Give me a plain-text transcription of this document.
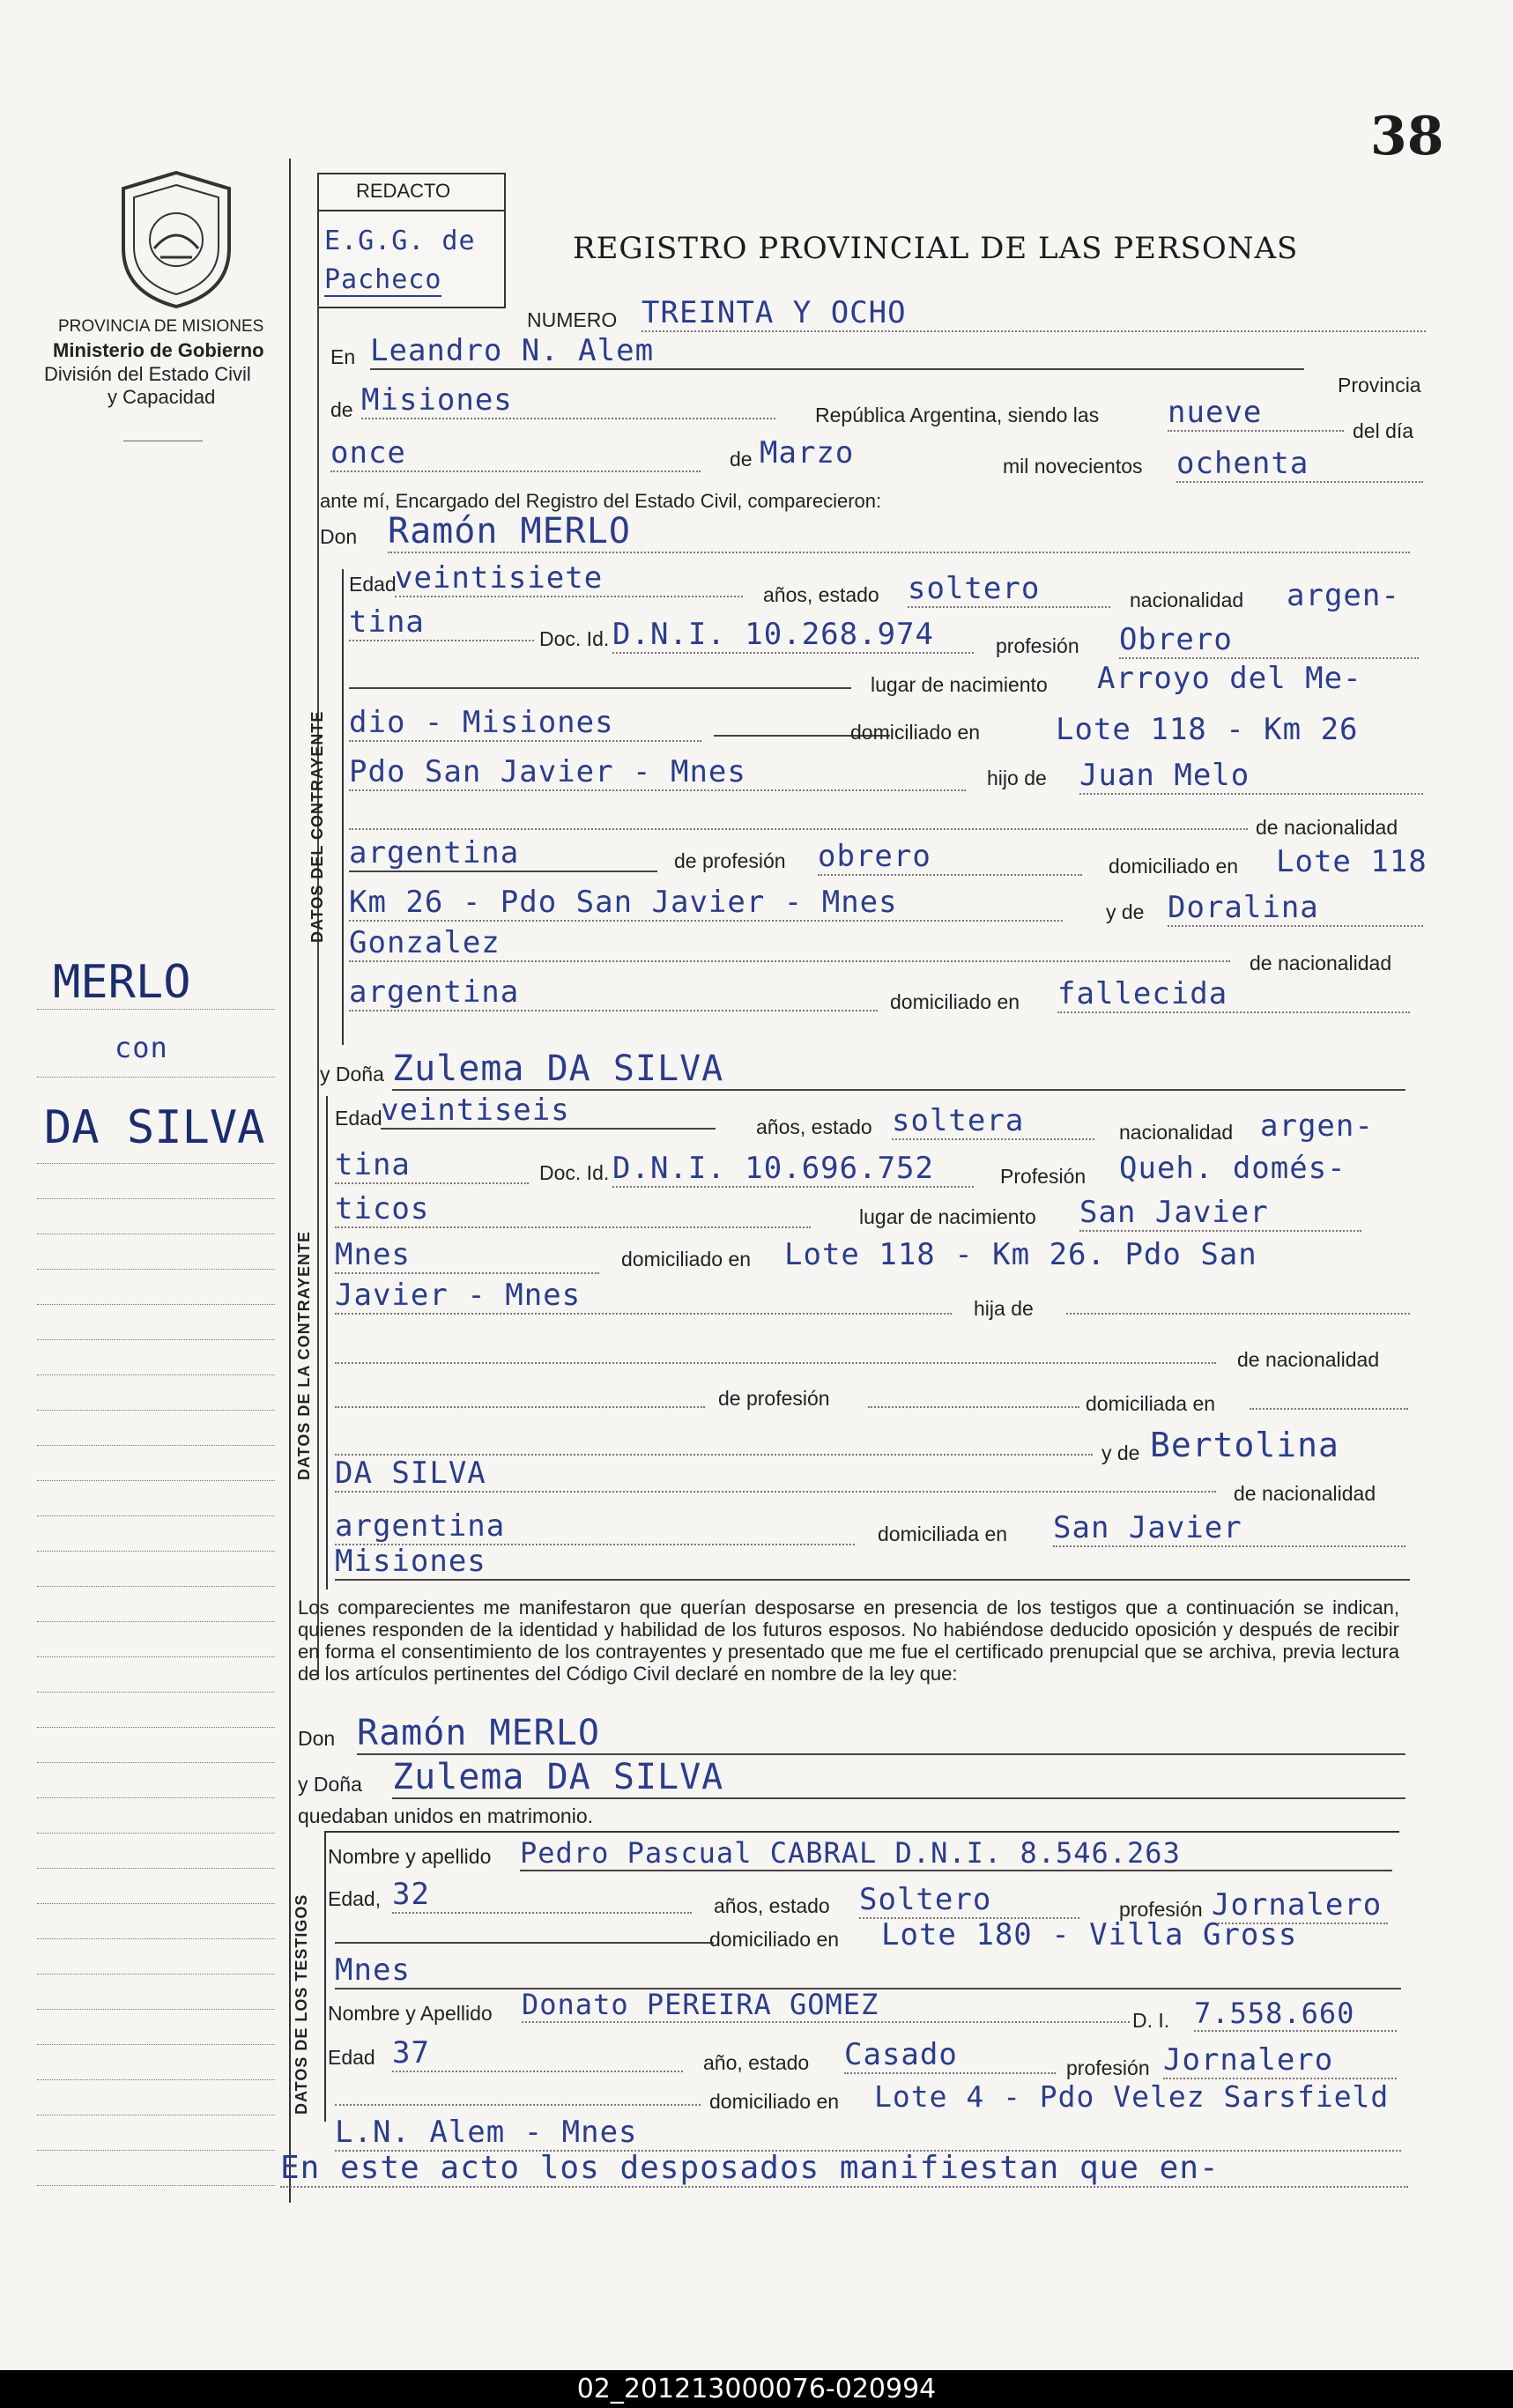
38
PROVINCIA DE MISIONES
Ministerio de Gobierno
División del Estado Civil
y Capacidad
REDACTO
E.G.G. de
Pacheco
REGISTRO PROVINCIAL DE LAS PERSONAS
MERLO
con
DA SILVA
NUMERO TREINTA Y OCHO
En Leandro N. Alem
Provincia
de Misiones	República Argentina, siendo las nueve
del día
once	de Marzo	mil novecientos ochenta
ante mí, Encargado del Registro del Estado Civil, comparecieron:
Don Ramón MERLO
DATOS DEL CONTRAYENTE
Edad
veintisiete	años, estado soltero	nacionalidad argen-
tina	Doc. Id. D.N.I. 10.268.974	profesión Obrero
lugar de nacimiento Arroyo del Me-
dio - Misiones	domiciliado en	Lote 118 - Km 26
Pdo San Javier - Mnes	hijo de Juan Melo
de nacionalidad
argentina	de profesión obrero	domiciliado en Lote 118
Km 26 - Pdo San Javier - Mnes	y de Doralina
Gonzalez
de nacionalidad
argentina	domiciliado en fallecida
y Doña Zulema DA SILVA
DATOS DE LA CONTRAYENTE
Edad
veintiseis	años, estado soltera	nacionalidad argen-
tina	Doc. Id. D.N.I. 10.696.752	Profesión Queh. domés-
ticos	lugar de nacimiento San Javier
Mnes	domiciliado en Lote 118 - Km 26. Pdo San
Javier - Mnes	hija de
de nacionalidad
de profesión	domiciliada en
y de Bertolina
DA SILVA
de nacionalidad
argentina	domiciliada en San Javier
Misiones
Los comparecientes me manifestaron que querían desposarse en presencia de los testigos que a continuación se indican, quienes responden de la identidad y habilidad de los futuros esposos. No habiéndose deducido oposición y después de recibir en forma el consentimiento de los contrayentes y presentado que me fue el certificado prenupcial que se archiva, previa lectura de los artículos pertinentes del Código Civil declaré en nombre de la ley que:
Don Ramón MERLO
y Doña Zulema DA SILVA
quedaban unidos en matrimonio.
DATOS DE LOS TESTIGOS
Nombre y apellido Pedro Pascual CABRAL D.N.I. 8.546.263
Edad, 32	años, estado Soltero	profesión Jornalero
domiciliado en Lote 180 - Villa Gross
Mnes
Nombre y Apellido Donato PEREIRA GOMEZ	D. I. 7.558.660
Edad 37	año, estado Casado	profesión Jornalero
domiciliado en Lote 4 - Pdo Velez Sarsfield
L.N. Alem - Mnes
En este acto los desposados manifiestan que en-
02_201213000076-020994
